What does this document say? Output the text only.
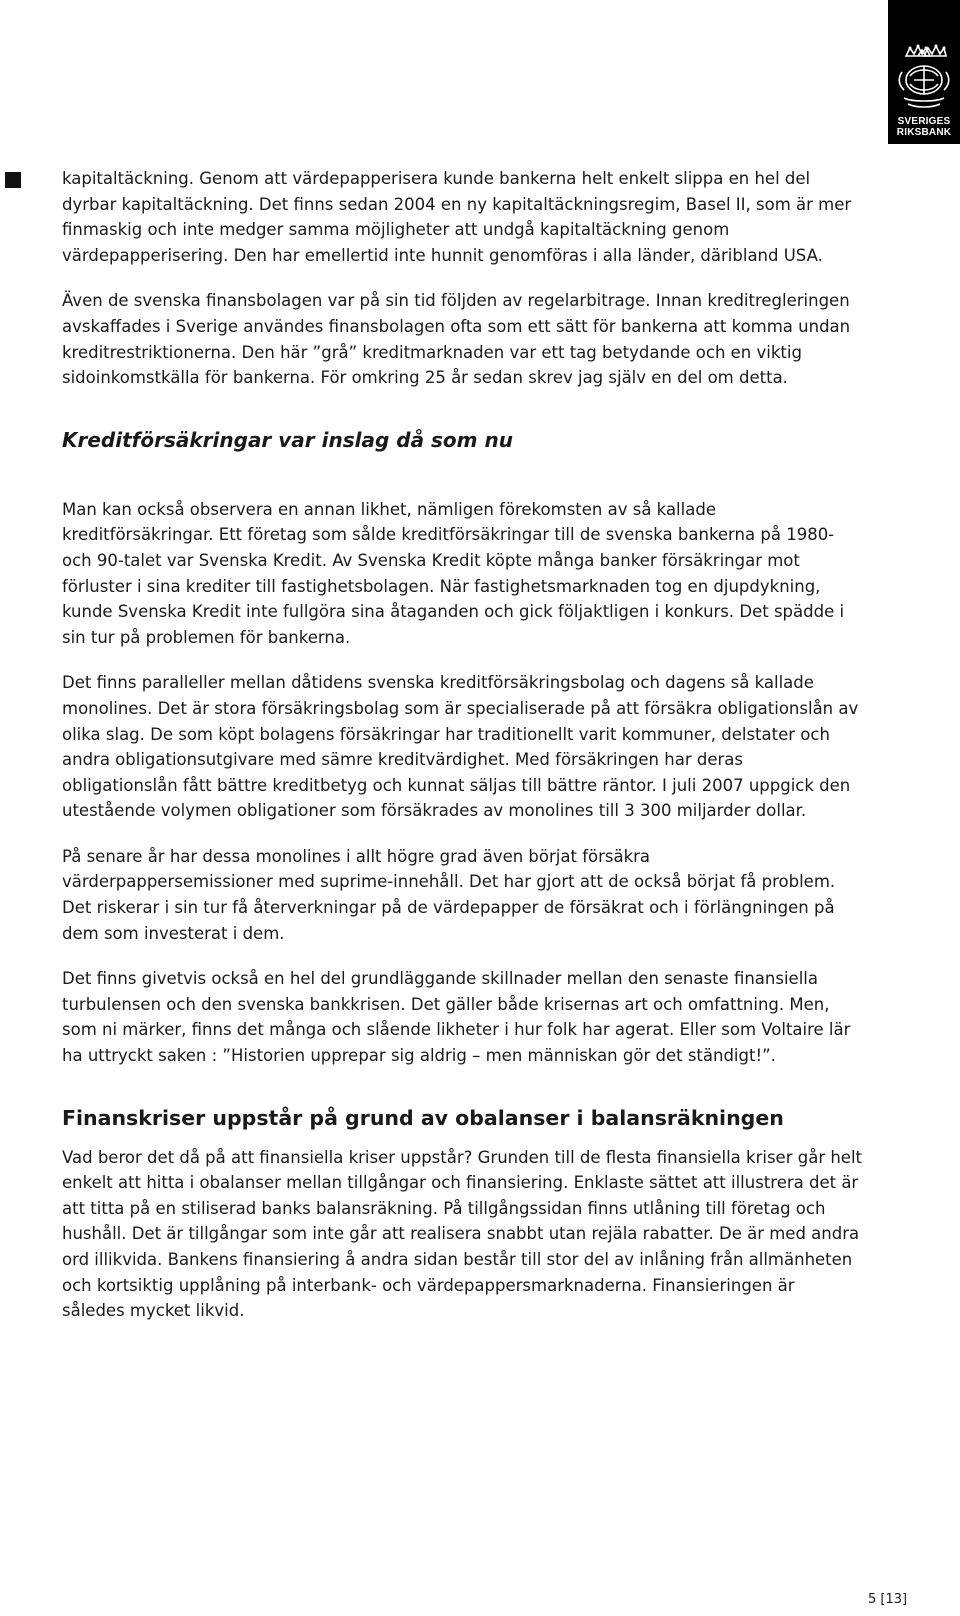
SVERIGES
RIKSBANK

kapitaltäckning. Genom att värdepapperisera kunde bankerna helt enkelt slippa en hel del dyrbar kapitaltäckning. Det finns sedan 2004 en ny kapitaltäckningsregim, Basel II, som är mer finmaskig och inte medger samma möjligheter att undgå kapitaltäckning genom värdepapperisering. Den har emellertid inte hunnit genomföras i alla länder, däribland USA.

Även de svenska finansbolagen var på sin tid följden av regelarbitrage. Innan kreditregleringen avskaffades i Sverige användes finansbolagen ofta som ett sätt för bankerna att komma undan kreditrestriktionerna. Den här ”grå” kreditmarknaden var ett tag betydande och en viktig sidoinkomstkälla för bankerna. För omkring 25 år sedan skrev jag själv en del om detta.

Kreditförsäkringar var inslag då som nu

Man kan också observera en annan likhet, nämligen förekomsten av så kallade kreditförsäkringar. Ett företag som sålde kreditförsäkringar till de svenska bankerna på 1980- och 90-talet var Svenska Kredit. Av Svenska Kredit köpte många banker försäkringar mot förluster i sina krediter till fastighetsbolagen. När fastighetsmarknaden tog en djupdykning, kunde Svenska Kredit inte fullgöra sina åtaganden och gick följaktligen i konkurs. Det spädde i sin tur på problemen för bankerna.

Det finns paralleller mellan dåtidens svenska kreditförsäkringsbolag och dagens så kallade monolines. Det är stora försäkringsbolag som är specialiserade på att försäkra obligationslån av olika slag. De som köpt bolagens försäkringar har traditionellt varit kommuner, delstater och andra obligationsutgivare med sämre kreditvärdighet. Med försäkringen har deras obligationslån fått bättre kreditbetyg och kunnat säljas till bättre räntor. I juli 2007 uppgick den utestående volymen obligationer som försäkrades av monolines till 3 300 miljarder dollar.

På senare år har dessa monolines i allt högre grad även börjat försäkra värderpappersemissioner med suprime-innehåll. Det har gjort att de också börjat få problem. Det riskerar i sin tur få återverkningar på de värdepapper de försäkrat och i förlängningen på dem som investerat i dem.

Det finns givetvis också en hel del grundläggande skillnader mellan den senaste finansiella turbulensen och den svenska bankkrisen. Det gäller både krisernas art och omfattning. Men, som ni märker, finns det många och slående likheter i hur folk har agerat. Eller som Voltaire lär ha uttryckt saken : ”Historien upprepar sig aldrig – men människan gör det ständigt!”.

Finanskriser uppstår på grund av obalanser i balansräkningen

Vad beror det då på att finansiella kriser uppstår? Grunden till de flesta finansiella kriser går helt enkelt att hitta i obalanser mellan tillgångar och finansiering. Enklaste sättet att illustrera det är att titta på en stiliserad banks balansräkning. På tillgångssidan finns utlåning till företag och hushåll. Det är tillgångar som inte går att realisera snabbt utan rejäla rabatter. De är med andra ord illikvida. Bankens finansiering å andra sidan består till stor del av inlåning från allmänheten och kortsiktig upplåning på interbank- och värdepappersmarknaderna. Finansieringen är således mycket likvid.

5 [13]
